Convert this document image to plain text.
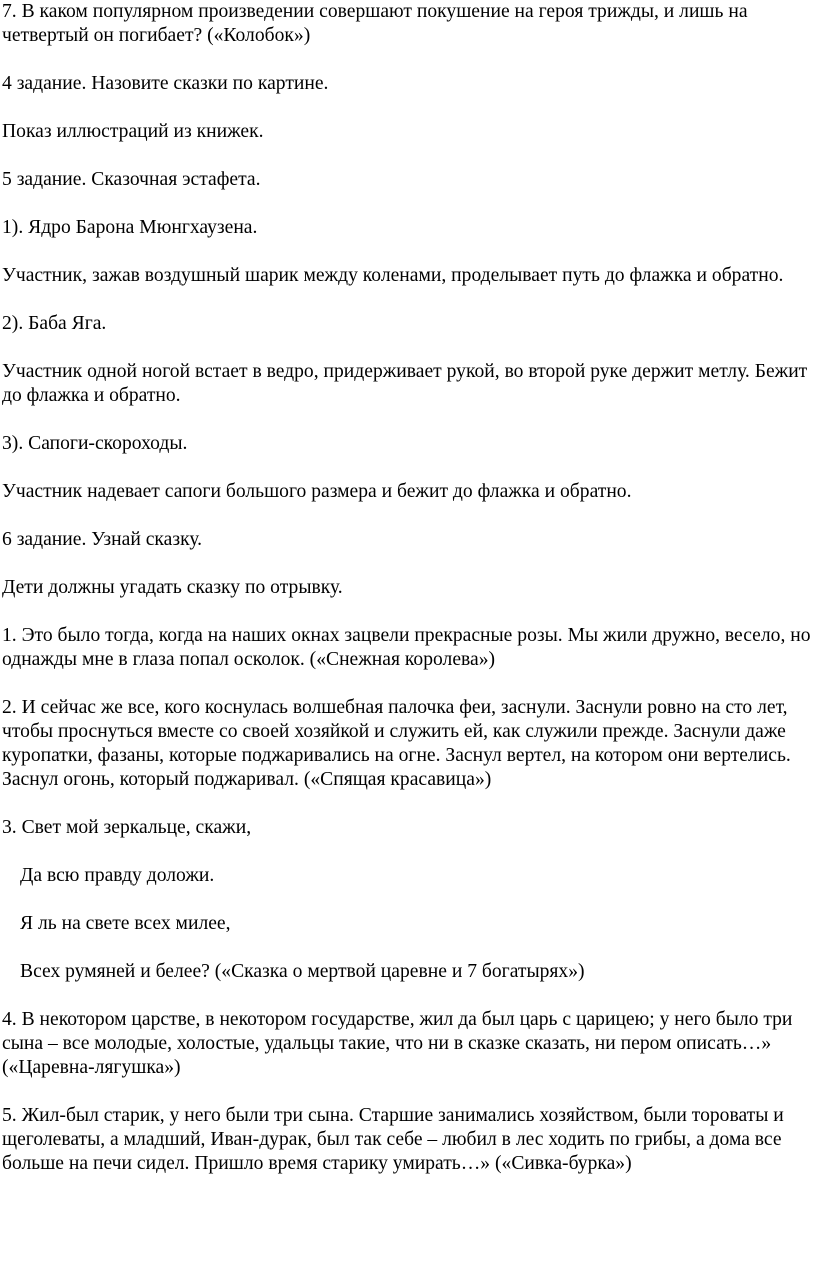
7. В каком популярном произведении совершают покушение на героя трижды, и лишь на четвертый он погибает? («Колобок»)

4 задание. Назовите сказки по картине.

Показ иллюстраций из книжек.

5 задание. Сказочная эстафета.

1). Ядро Барона Мюнгхаузена.

Участник, зажав воздушный шарик между коленами, проделывает путь до флажка и обратно.

2). Баба Яга.

Участник одной ногой встает в ведро, придерживает рукой, во второй руке держит метлу. Бежит до флажка и обратно.

3). Сапоги-скороходы.

Участник надевает сапоги большого размера и бежит до флажка и обратно.

6 задание. Узнай сказку.

Дети должны угадать сказку по отрывку.

1. Это было тогда, когда на наших окнах зацвели прекрасные розы. Мы жили дружно, весело, но однажды мне в глаза попал осколок. («Снежная королева»)

2. И сейчас же все, кого коснулась волшебная палочка феи, заснули. Заснули ровно на сто лет, чтобы проснуться вместе со своей хозяйкой и служить ей, как служили прежде. Заснули даже куропатки, фазаны, которые поджаривались на огне. Заснул вертел, на котором они вертелись. Заснул огонь, который поджаривал. («Спящая красавица»)

3. Свет мой зеркальце, скажи,

Да всю правду доложи.

Я ль на свете всех милее,

Всех румяней и белее? («Сказка о мертвой царевне и 7 богатырях»)

4. В некотором царстве, в некотором государстве, жил да был царь с царицею; у него было три сына – все молодые, холостые, удальцы такие, что ни в сказке сказать, ни пером описать…» («Царевна-лягушка»)

5. Жил-был старик, у него были три сына. Старшие занимались хозяйством, были тороваты и щеголеваты, а младший, Иван-дурак, был так себе – любил в лес ходить по грибы, а дома все больше на печи сидел. Пришло время старику умирать…» («Сивка-бурка»)
